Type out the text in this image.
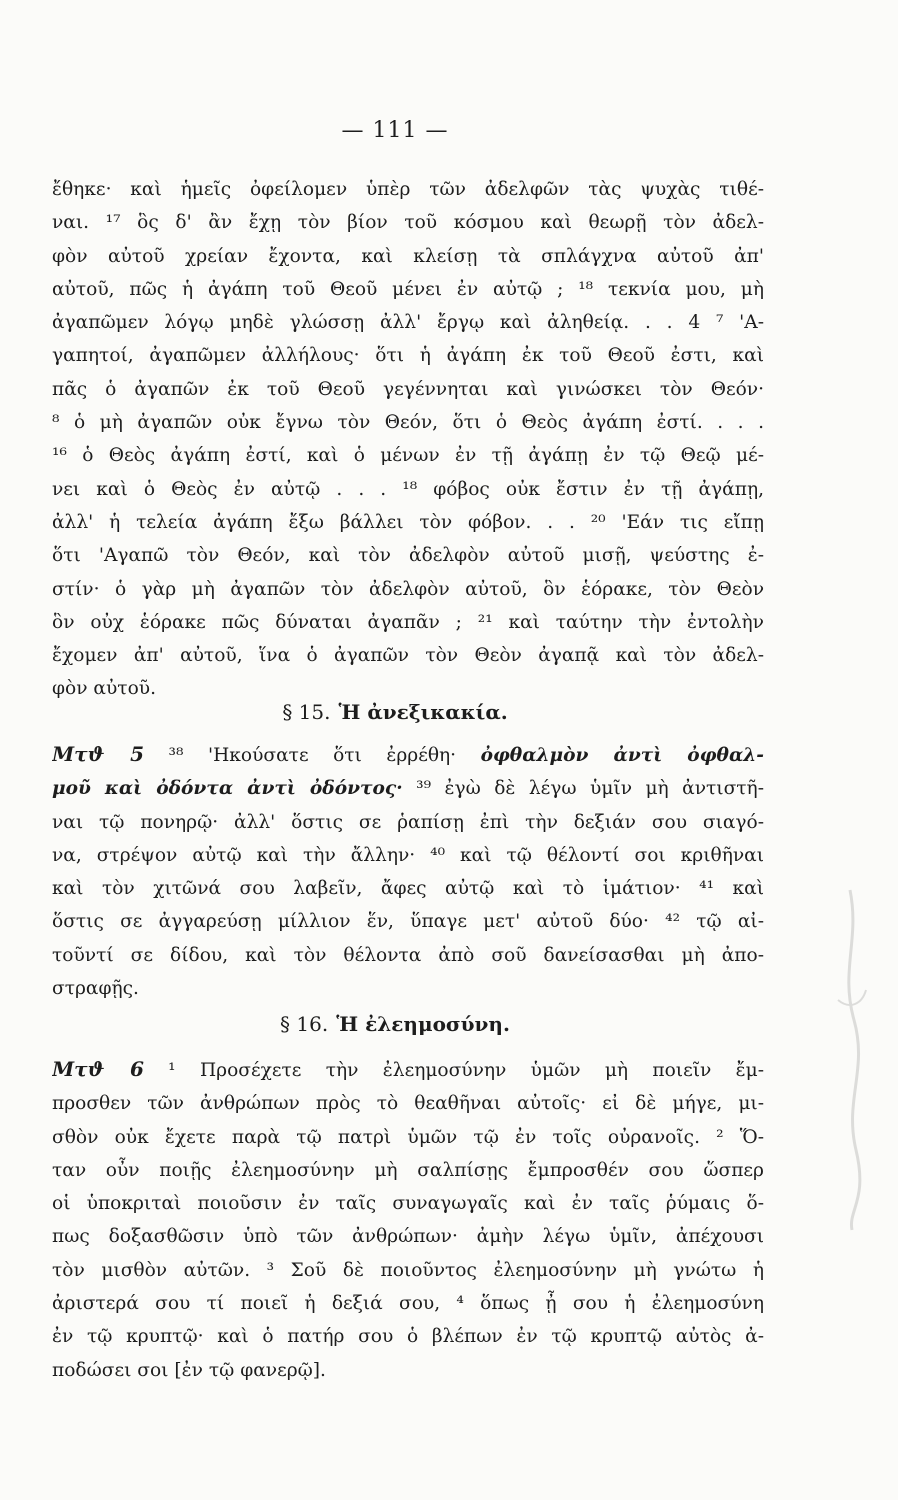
— 111 —
ἔθηκε· καὶ ἡμεῖς ὀφείλομεν ὑπὲρ τῶν ἀδελφῶν τὰς ψυχὰς τιθέ-
ναι. ¹⁷ ὃς δ' ἂν ἔχῃ τὸν βίον τοῦ κόσμου καὶ θεωρῇ τὸν ἀδελ-
φὸν αὐτοῦ χρείαν ἔχοντα, καὶ κλείσῃ τὰ σπλάγχνα αὐτοῦ ἀπ'
αὐτοῦ, πῶς ἡ ἀγάπη τοῦ Θεοῦ μένει ἐν αὐτῷ ; ¹⁸ τεκνία μου, μὴ
ἀγαπῶμεν λόγῳ μηδὲ γλώσσῃ ἀλλ' ἔργῳ καὶ ἀληθείᾳ. . . 4 ⁷ 'Α-
γαπητοί, ἀγαπῶμεν ἀλλήλους· ὅτι ἡ ἀγάπη ἐκ τοῦ Θεοῦ ἐστι, καὶ
πᾶς ὁ ἀγαπῶν ἐκ τοῦ Θεοῦ γεγέννηται καὶ γινώσκει τὸν Θεόν·
⁸ ὁ μὴ ἀγαπῶν οὐκ ἔγνω τὸν Θεόν, ὅτι ὁ Θεὸς ἀγάπη ἐστί. . . .
¹⁶ ὁ Θεὸς ἀγάπη ἐστί, καὶ ὁ μένων ἐν τῇ ἀγάπῃ ἐν τῷ Θεῷ μέ-
νει καὶ ὁ Θεὸς ἐν αὐτῷ . . . ¹⁸ φόβος οὐκ ἔστιν ἐν τῇ ἀγάπῃ,
ἀλλ' ἡ τελεία ἀγάπη ἔξω βάλλει τὸν φόβον. . . ²⁰ 'Εάν τις εἴπῃ
ὅτι 'Αγαπῶ τὸν Θεόν, καὶ τὸν ἀδελφὸν αὐτοῦ μισῇ, ψεύστης ἐ-
στίν· ὁ γὰρ μὴ ἀγαπῶν τὸν ἀδελφὸν αὐτοῦ, ὃν ἑόρακε, τὸν Θεὸν
ὃν οὐχ ἑόρακε πῶς δύναται ἀγαπᾶν ; ²¹ καὶ ταύτην τὴν ἐντολὴν
ἔχομεν ἀπ' αὐτοῦ, ἵνα ὁ ἀγαπῶν τὸν Θεὸν ἀγαπᾷ καὶ τὸν ἀδελ-
φὸν αὐτοῦ.
§ 15. Ἡ ἀνεξικακία.
Μτϑ 5 ³⁸ 'Ηκούσατε ὅτι ἐρρέθη· ὀφθαλμὸν ἀντὶ ὀφθαλ-
μοῦ καὶ ὀδόντα ἀντὶ ὀδόντος· ³⁹ ἐγὼ δὲ λέγω ὑμῖν μὴ ἀντιστῆ-
ναι τῷ πονηρῷ· ἀλλ' ὅστις σε ῥαπίσῃ ἐπὶ τὴν δεξιάν σου σιαγό-
να, στρέψον αὐτῷ καὶ τὴν ἄλλην· ⁴⁰ καὶ τῷ θέλοντί σοι κριθῆναι
καὶ τὸν χιτῶνά σου λαβεῖν, ἄφες αὐτῷ καὶ τὸ ἱμάτιον· ⁴¹ καὶ
ὅστις σε ἀγγαρεύσῃ μίλλιον ἕν, ὕπαγε μετ' αὐτοῦ δύο· ⁴² τῷ αἰ-
τοῦντί σε δίδου, καὶ τὸν θέλοντα ἀπὸ σοῦ δανείσασθαι μὴ ἀπο-
στραφῇς.
§ 16. Ἡ ἐλεημοσύνη.
Μτϑ 6 ¹ Προσέχετε τὴν ἐλεημοσύνην ὑμῶν μὴ ποιεῖν ἔμ-
προσθεν τῶν ἀνθρώπων πρὸς τὸ θεαθῆναι αὐτοῖς· εἰ δὲ μήγε, μι-
σθὸν οὐκ ἔχετε παρὰ τῷ πατρὶ ὑμῶν τῷ ἐν τοῖς οὐρανοῖς. ² Ὅ-
ταν οὖν ποιῇς ἐλεημοσύνην μὴ σαλπίσῃς ἔμπροσθέν σου ὥσπερ
οἱ ὑποκριταὶ ποιοῦσιν ἐν ταῖς συναγωγαῖς καὶ ἐν ταῖς ῥύμαις ὅ-
πως δοξασθῶσιν ὑπὸ τῶν ἀνθρώπων· ἀμὴν λέγω ὑμῖν, ἀπέχουσι
τὸν μισθὸν αὐτῶν. ³ Σοῦ δὲ ποιοῦντος ἐλεημοσύνην μὴ γνώτω ἡ
ἀριστερά σου τί ποιεῖ ἡ δεξιά σου, ⁴ ὅπως ᾖ σου ἡ ἐλεημοσύνη
ἐν τῷ κρυπτῷ· καὶ ὁ πατήρ σου ὁ βλέπων ἐν τῷ κρυπτῷ αὐτὸς ἀ-
ποδώσει σοι [ἐν τῷ φανερῷ].
